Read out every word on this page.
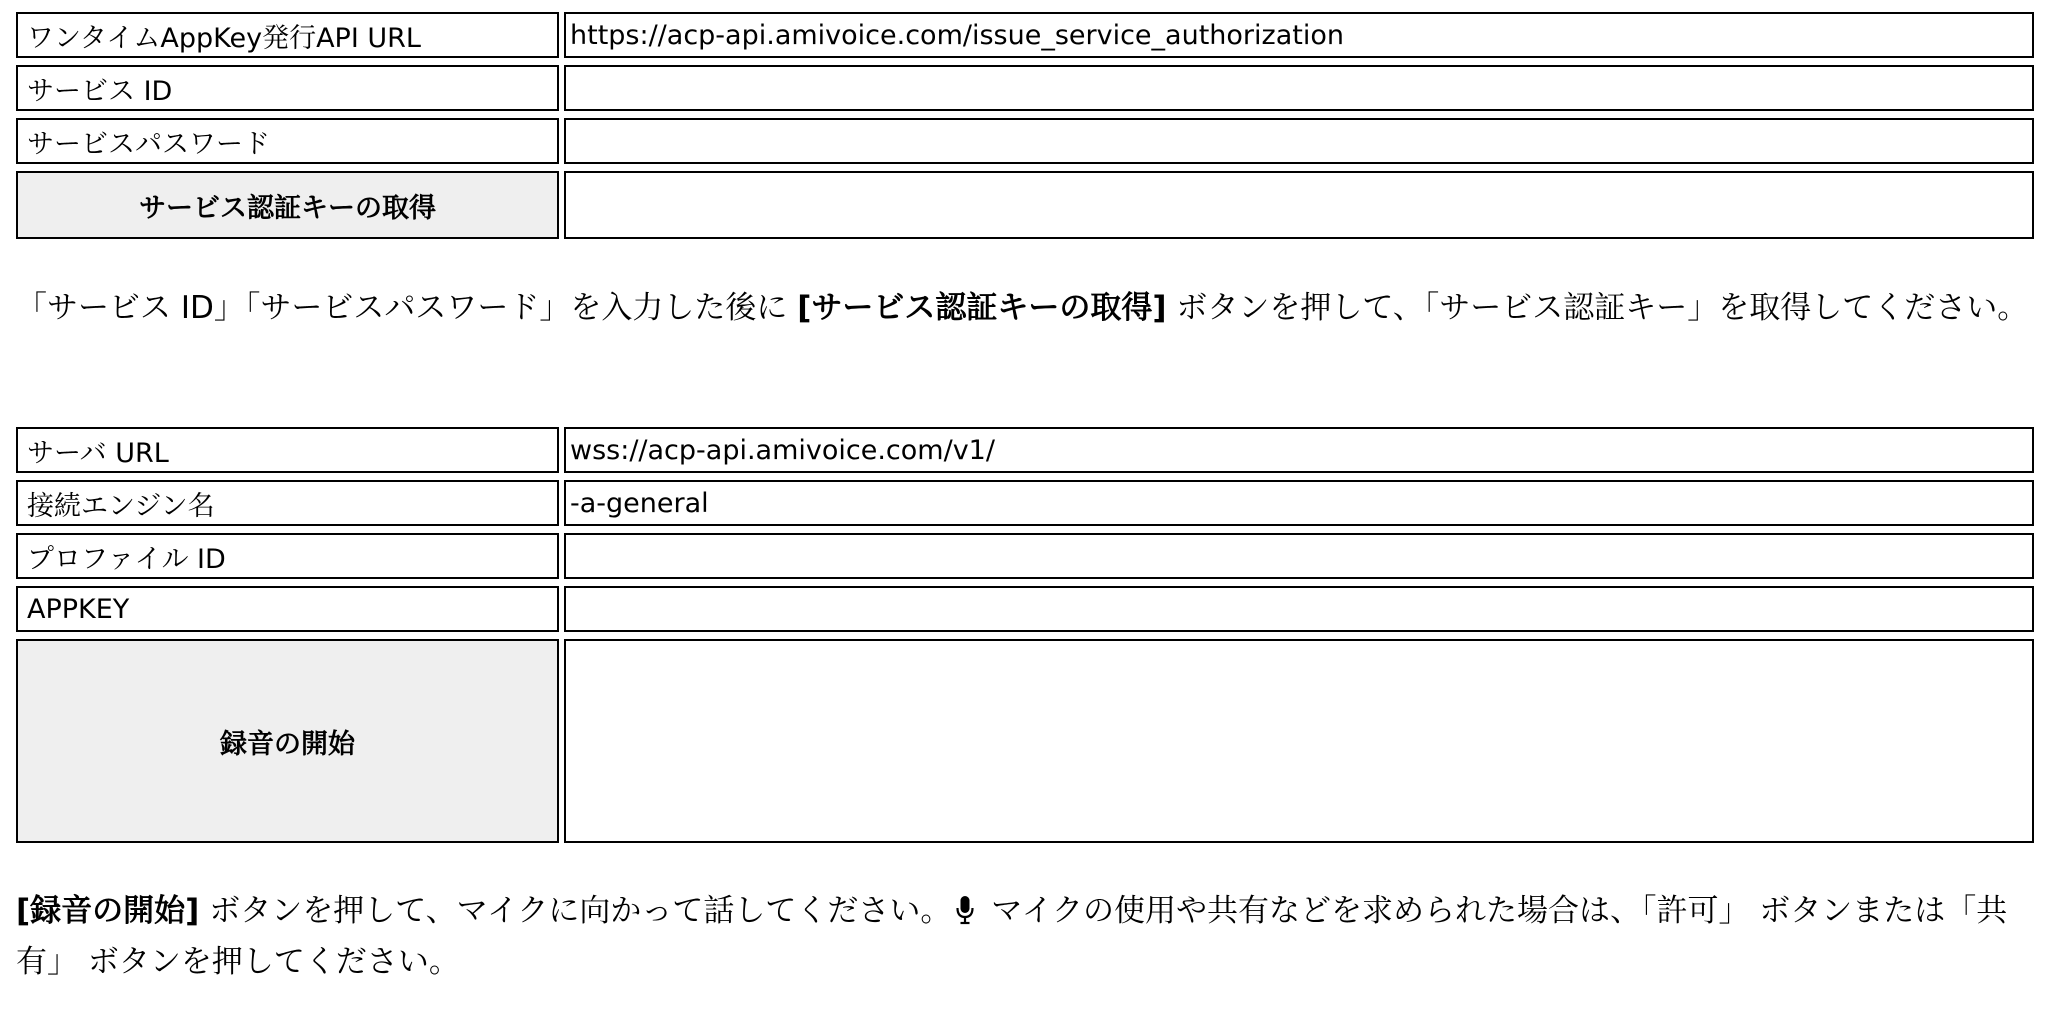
ワンタイムAppKey発行API URL
https://acp-api.amivoice.com/issue_service_authorization
サービス ID
サービスパスワード
サービス認証キーの取得

「サービス ID」「サービスパスワード」を入力した後に [サービス認証キーの取得] ボタンを押して、「サービス認証キー」を取得してください。

サーバ URL
wss://acp-api.amivoice.com/v1/
接続エンジン名
-a-general
プロファイル ID
APPKEY
録音の開始

[録音の開始] ボタンを押して、マイクに向かって話してください。 マイクの使用や共有などを求められた場合は、「許可」 ボタンまたは「共有」 ボタンを押してください。
